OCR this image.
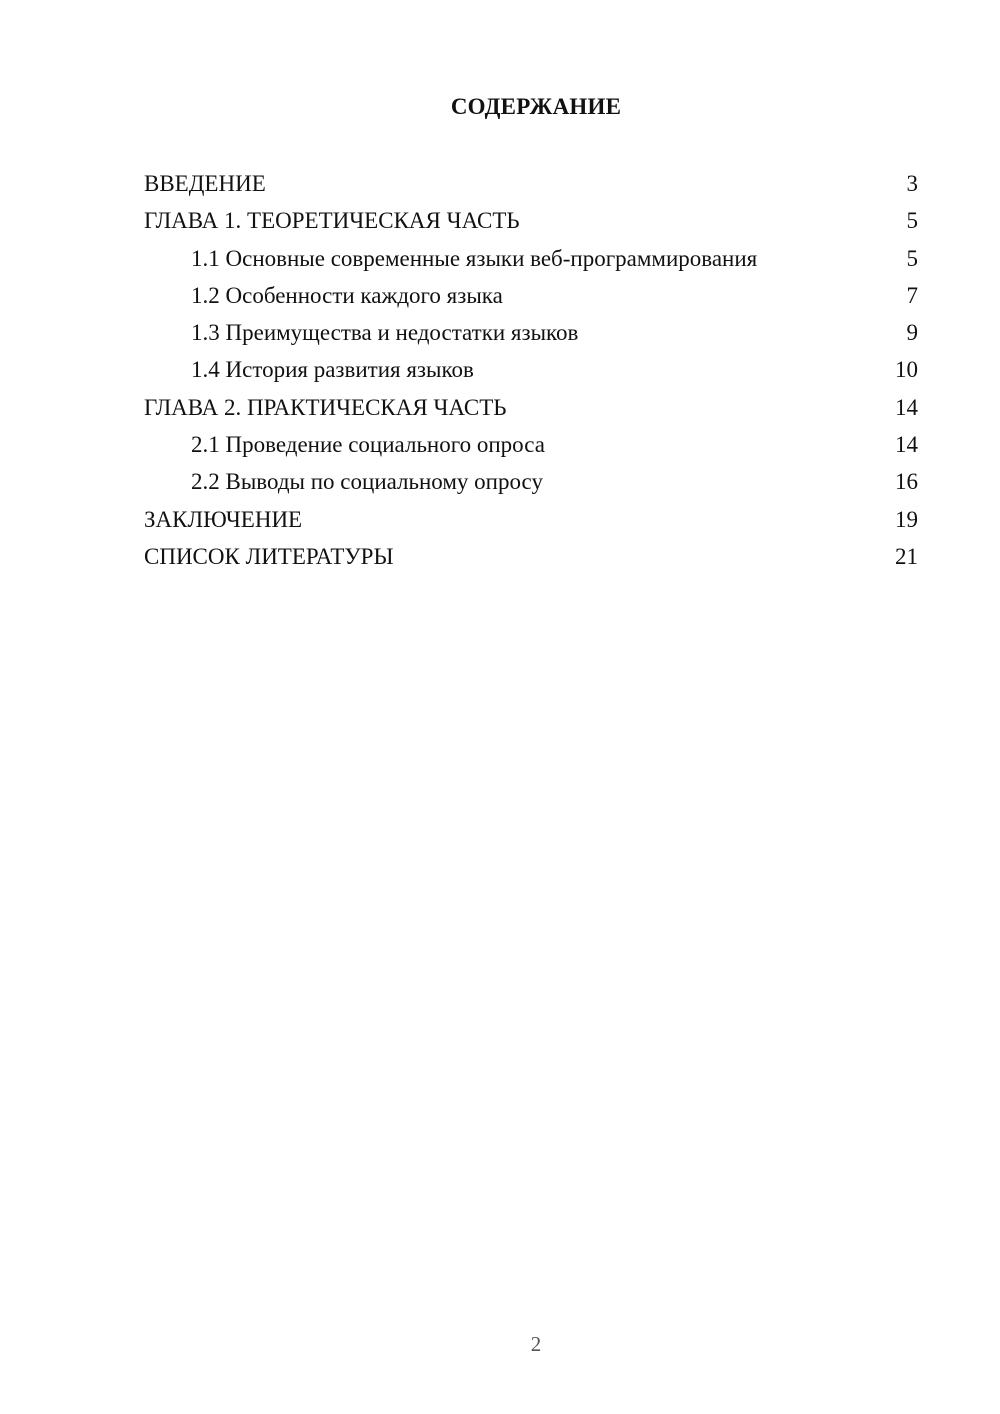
СОДЕРЖАНИЕ
ВВЕДЕНИЕ	3
ГЛАВА 1. ТЕОРЕТИЧЕСКАЯ ЧАСТЬ	5
1.1 Основные современные языки веб-программирования	5
1.2 Особенности каждого языка	7
1.3 Преимущества и недостатки языков	9
1.4 История развития языков	10
ГЛАВА 2. ПРАКТИЧЕСКАЯ ЧАСТЬ	14
2.1 Проведение социального опроса	14
2.2 Выводы по социальному опросу	16
ЗАКЛЮЧЕНИЕ	19
СПИСОК ЛИТЕРАТУРЫ	21
2
